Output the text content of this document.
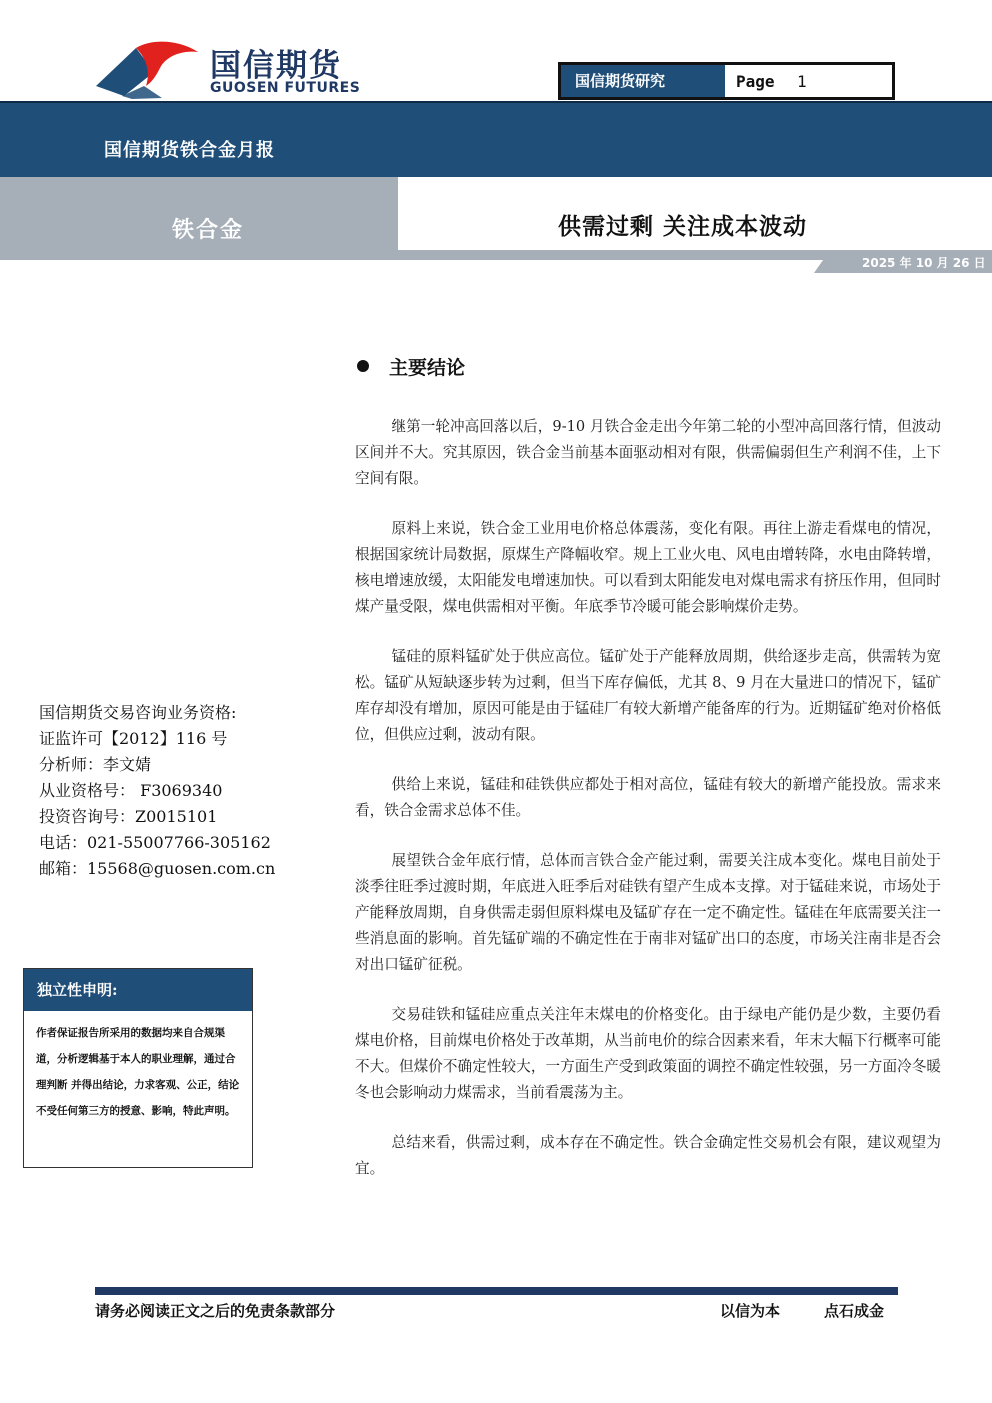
国信期货
GUOSEN FUTURES	国信期货研究	Page 1
国信期货铁合金月报
铁合金	供需过剩 关注成本波动
2025 年 10 月 26 日
主要结论

继第一轮冲高回落以后，9-10 月铁合金走出今年第二轮的小型冲高回落行情，但波动区间并不大。究其原因，铁合金当前基本面驱动相对有限，供需偏弱但生产利润不佳，上下空间有限。

原料上来说，铁合金工业用电价格总体震荡，变化有限。再往上游走看煤电的情况，根据国家统计局数据，原煤生产降幅收窄。规上工业火电、风电由增转降，水电由降转增，核电增速放缓，太阳能发电增速加快。可以看到太阳能发电对煤电需求有挤压作用，但同时煤产量受限，煤电供需相对平衡。年底季节冷暖可能会影响煤价走势。

锰硅的原料锰矿处于供应高位。锰矿处于产能释放周期，供给逐步走高，供需转为宽松。锰矿从短缺逐步转为过剩，但当下库存偏低，尤其 8、9 月在大量进口的情况下，锰矿库存却没有增加，原因可能是由于锰硅厂有较大新增产能备库的行为。近期锰矿绝对价格低位，但供应过剩，波动有限。

供给上来说，锰硅和硅铁供应都处于相对高位，锰硅有较大的新增产能投放。需求来看，铁合金需求总体不佳。

展望铁合金年底行情，总体而言铁合金产能过剩，需要关注成本变化。煤电目前处于淡季往旺季过渡时期，年底进入旺季后对硅铁有望产生成本支撑。对于锰硅来说，市场处于产能释放周期，自身供需走弱但原料煤电及锰矿存在一定不确定性。锰硅在年底需要关注一些消息面的影响。首先锰矿端的不确定性在于南非对锰矿出口的态度，市场关注南非是否会对出口锰矿征税。

交易硅铁和锰硅应重点关注年末煤电的价格变化。由于绿电产能仍是少数，主要仍看煤电价格，目前煤电价格处于改革期，从当前电价的综合因素来看，年末大幅下行概率可能不大。但煤价不确定性较大，一方面生产受到政策面的调控不确定性较强，另一方面冷冬暖冬也会影响动力煤需求，当前看震荡为主。

总结来看，供需过剩，成本存在不确定性。铁合金确定性交易机会有限，建议观望为宜。

国信期货交易咨询业务资格:
证监许可【2012】116 号
分析师：李文婧
从业资格号： F3069340
投资咨询号：Z0015101
电话：021-55007766-305162
邮箱：15568@guosen.com.cn
独立性申明:
作者保证报告所采用的数据均来自合规渠道，分析逻辑基于本人的职业理解，通过合理判断 并得出结论，力求客观、公正，结论不受任何第三方的授意、影响，特此声明。
请务必阅读正文之后的免责条款部分	以信为本	点石成金
